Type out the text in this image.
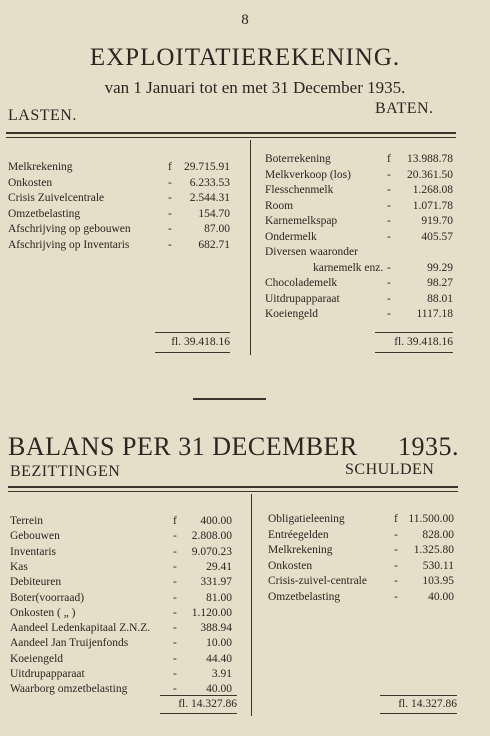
8
EXPLOITATIEREKENING.
van 1 Januari tot en met 31 December 1935.
LASTEN.	BATEN.
Melkrekening	f 29.715.91
Onkosten	- 6.233.53
Crisis Zuivelcentrale	- 2.544.31
Omzetbelasting	- 154.70
Afschrijving op gebouwen	-	87.00
Afschrijving op Inventaris	- 682.71
Boterrekening	f 13.988.78
Melkverkoop (los)	- 20.361.50
Flesschenmelk	- 1.268.08
Room	- 1.071.78
Karnemelkspap	-	919.70
Ondermelk	-	405.57
Diversen waaronder
karnemelk enz. -	99.29
Chocolademelk	-	98.27
Uitdrupapparaat	-	88.01
Koeiengeld	- 1117.18
fl. 39.418.16	fl. 39.418.16
BALANS PER 31 DECEMBER 1935.
BEZITTINGEN	SCHULDEN
Terrein	f 400.00
Gebouwen	- 2.808.00
Inventaris	- 9.070.23
Kas	-	29.41
Debiteuren	- 331.97
Boter(voorraad)	-	81.00
Onkosten ( „ )	- 1.120.00
Aandeel Ledenkapitaal Z.N.Z. - 388.94
Aandeel Jan Truijenfonds	-	10.00
Koeiengeld	-	44.40
Uitdrupapparaat	-	3.91
Waarborg omzetbelasting	-	40.00
Obligatieleening	f 11.500.00
Entréegelden	- 828.00
Melkrekening	- 1.325.80
Onkosten	- 530.11
Crisis-zuivel-centrale - 103.95
Omzetbelasting	-	40.00
fl. 14.327.86	fl. 14.327.86
